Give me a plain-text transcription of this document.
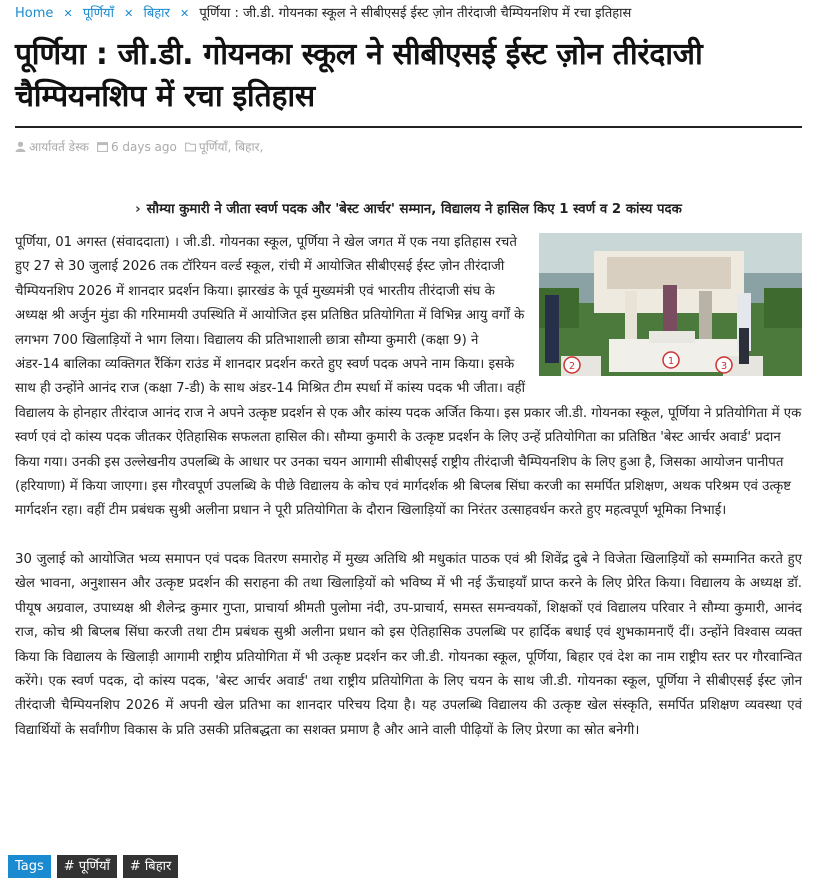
Home ✕ पूर्णियाँ ✕ बिहार ✕ पूर्णिया : जी.डी. गोयनका स्कूल ने सीबीएसई ईस्ट ज़ोन तीरंदाजी चैम्पियनशिप में रचा इतिहास
पूर्णिया : जी.डी. गोयनका स्कूल ने सीबीएसई ईस्ट ज़ोन तीरंदाजी चैम्पियनशिप में रचा इतिहास
आर्यावर्त डेस्क	6 days ago	पूर्णियाँ, बिहार,
› सौम्या कुमारी ने जीता स्वर्ण पदक और 'बेस्ट आर्चर' सम्मान, विद्यालय ने हासिल किए 1 स्वर्ण व 2 कांस्य पदक
2	1	3
पूर्णिया, 01 अगस्त (संवाददाता) । जी.डी. गोयनका स्कूल, पूर्णिया ने खेल जगत में एक नया इतिहास रचते हुए 27 से 30 जुलाई 2026 तक टॉरियन वर्ल्ड स्कूल, रांची में आयोजित सीबीएसई ईस्ट ज़ोन तीरंदाजी चैम्पियनशिप 2026 में शानदार प्रदर्शन किया। झारखंड के पूर्व मुख्यमंत्री एवं भारतीय तीरंदाजी संघ के अध्यक्ष श्री अर्जुन मुंडा की गरिमामयी उपस्थिति में आयोजित इस प्रतिष्ठित प्रतियोगिता में विभिन्न आयु वर्गों के लगभग 700 खिलाड़ियों ने भाग लिया। विद्यालय की प्रतिभाशाली छात्रा सौम्या कुमारी (कक्षा 9) ने अंडर-14 बालिका व्यक्तिगत रैंकिंग राउंड में शानदार प्रदर्शन करते हुए स्वर्ण पदक अपने नाम किया। इसके साथ ही उन्होंने आनंद राज (कक्षा 7-डी) के साथ अंडर-14 मिश्रित टीम स्पर्धा में कांस्य पदक भी जीता। वहीं विद्यालय के होनहार तीरंदाज आनंद राज ने अपने उत्कृष्ट प्रदर्शन से एक और कांस्य पदक अर्जित किया। इस प्रकार जी.डी. गोयनका स्कूल, पूर्णिया ने प्रतियोगिता में एक स्वर्ण एवं दो कांस्य पदक जीतकर ऐतिहासिक सफलता हासिल की। सौम्या कुमारी के उत्कृष्ट प्रदर्शन के लिए उन्हें प्रतियोगिता का प्रतिष्ठित 'बेस्ट आर्चर अवार्ड' प्रदान किया गया। उनकी इस उल्लेखनीय उपलब्धि के आधार पर उनका चयन आगामी सीबीएसई राष्ट्रीय तीरंदाजी चैम्पियनशिप के लिए हुआ है, जिसका आयोजन पानीपत (हरियाणा) में किया जाएगा। इस गौरवपूर्ण उपलब्धि के पीछे विद्यालय के कोच एवं मार्गदर्शक श्री बिप्लब सिंघा करजी का समर्पित प्रशिक्षण, अथक परिश्रम एवं उत्कृष्ट मार्गदर्शन रहा। वहीं टीम प्रबंधक सुश्री अलीना प्रधान ने पूरी प्रतियोगिता के दौरान खिलाड़ियों का निरंतर उत्साहवर्धन करते हुए महत्वपूर्ण भूमिका निभाई।
30 जुलाई को आयोजित भव्य समापन एवं पदक वितरण समारोह में मुख्य अतिथि श्री मधुकांत पाठक एवं श्री शिवेंद्र दुबे ने विजेता खिलाड़ियों को सम्मानित करते हुए खेल भावना, अनुशासन और उत्कृष्ट प्रदर्शन की सराहना की तथा खिलाड़ियों को भविष्य में भी नई ऊँचाइयाँ प्राप्त करने के लिए प्रेरित किया। विद्यालय के अध्यक्ष डॉ. पीयूष अग्रवाल, उपाध्यक्ष श्री शैलेन्द्र कुमार गुप्ता, प्राचार्या श्रीमती पुलोमा नंदी, उप-प्राचार्य, समस्त समन्वयकों, शिक्षकों एवं विद्यालय परिवार ने सौम्या कुमारी, आनंद राज, कोच श्री बिप्लब सिंघा करजी तथा टीम प्रबंधक सुश्री अलीना प्रधान को इस ऐतिहासिक उपलब्धि पर हार्दिक बधाई एवं शुभकामनाएँ दीं। उन्होंने विश्वास व्यक्त किया कि विद्यालय के खिलाड़ी आगामी राष्ट्रीय प्रतियोगिता में भी उत्कृष्ट प्रदर्शन कर जी.डी. गोयनका स्कूल, पूर्णिया, बिहार एवं देश का नाम राष्ट्रीय स्तर पर गौरवान्वित करेंगे। एक स्वर्ण पदक, दो कांस्य पदक, 'बेस्ट आर्चर अवार्ड' तथा राष्ट्रीय प्रतियोगिता के लिए चयन के साथ जी.डी. गोयनका स्कूल, पूर्णिया ने सीबीएसई ईस्ट ज़ोन तीरंदाजी चैम्पियनशिप 2026 में अपनी खेल प्रतिभा का शानदार परिचय दिया है। यह उपलब्धि विद्यालय की उत्कृष्ट खेल संस्कृति, समर्पित प्रशिक्षण व्यवस्था एवं विद्यार्थियों के सर्वांगीण विकास के प्रति उसकी प्रतिबद्धता का सशक्त प्रमाण है और आने वाली पीढ़ियों के लिए प्रेरणा का स्रोत बनेगी।
Tags	# पूर्णियाँ	# बिहार
